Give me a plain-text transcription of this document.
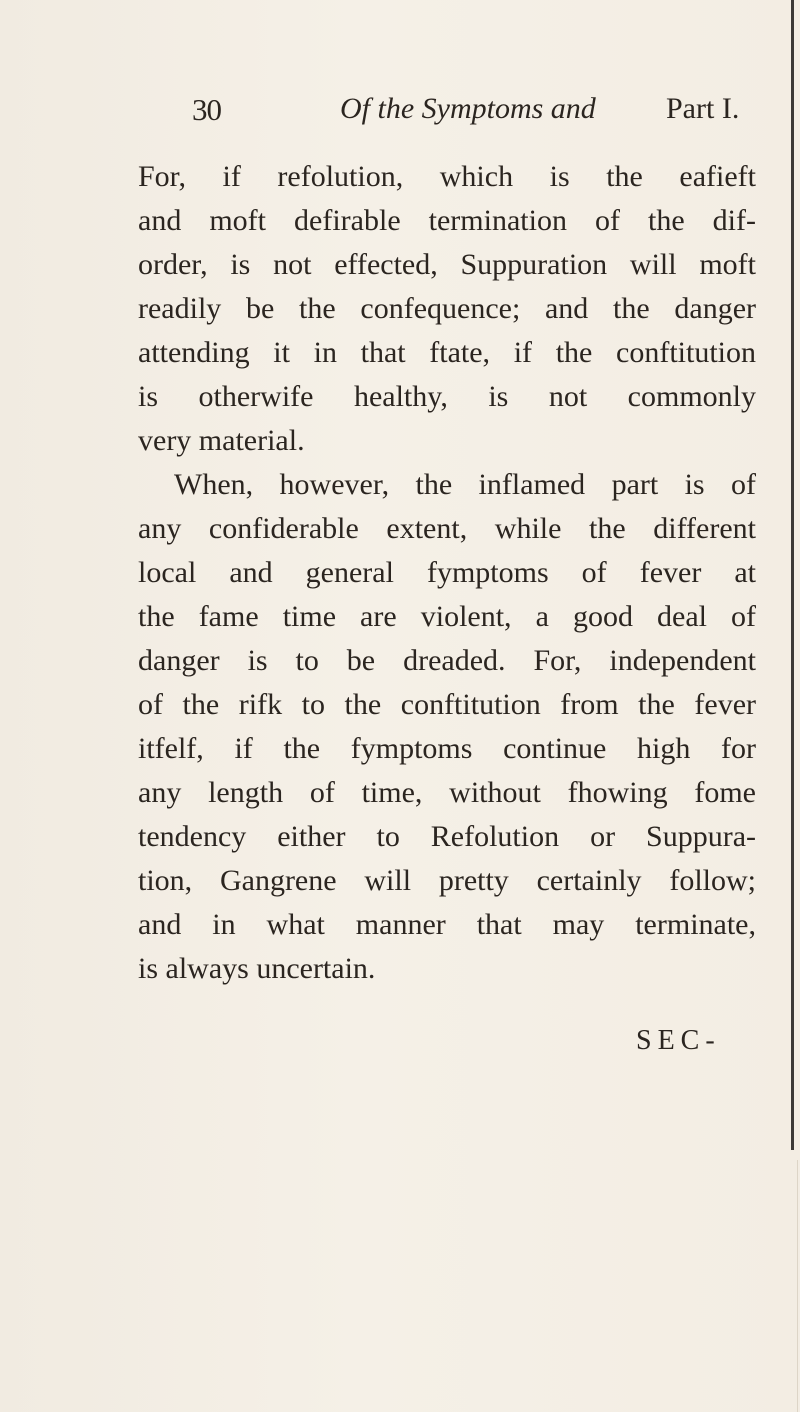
30	Of the Symptoms and Part I.
For, if refolution, which is the eafieft
and moft defirable termination of the dif-
order, is not effected, Suppuration will moft
readily be the confequence; and the danger
attending it in that ftate, if the conftitution
is otherwife healthy, is not commonly
very material.
When, however, the inflamed part is of
any confiderable extent, while the different
local and general fymptoms of fever at
the fame time are violent, a good deal of
danger is to be dreaded. For, independent
of the rifk to the conftitution from the fever
itfelf, if the fymptoms continue high for
any length of time, without fhowing fome
tendency either to Refolution or Suppura-
tion, Gangrene will pretty certainly follow;
and in what manner that may terminate,
is always uncertain.
SEC-
